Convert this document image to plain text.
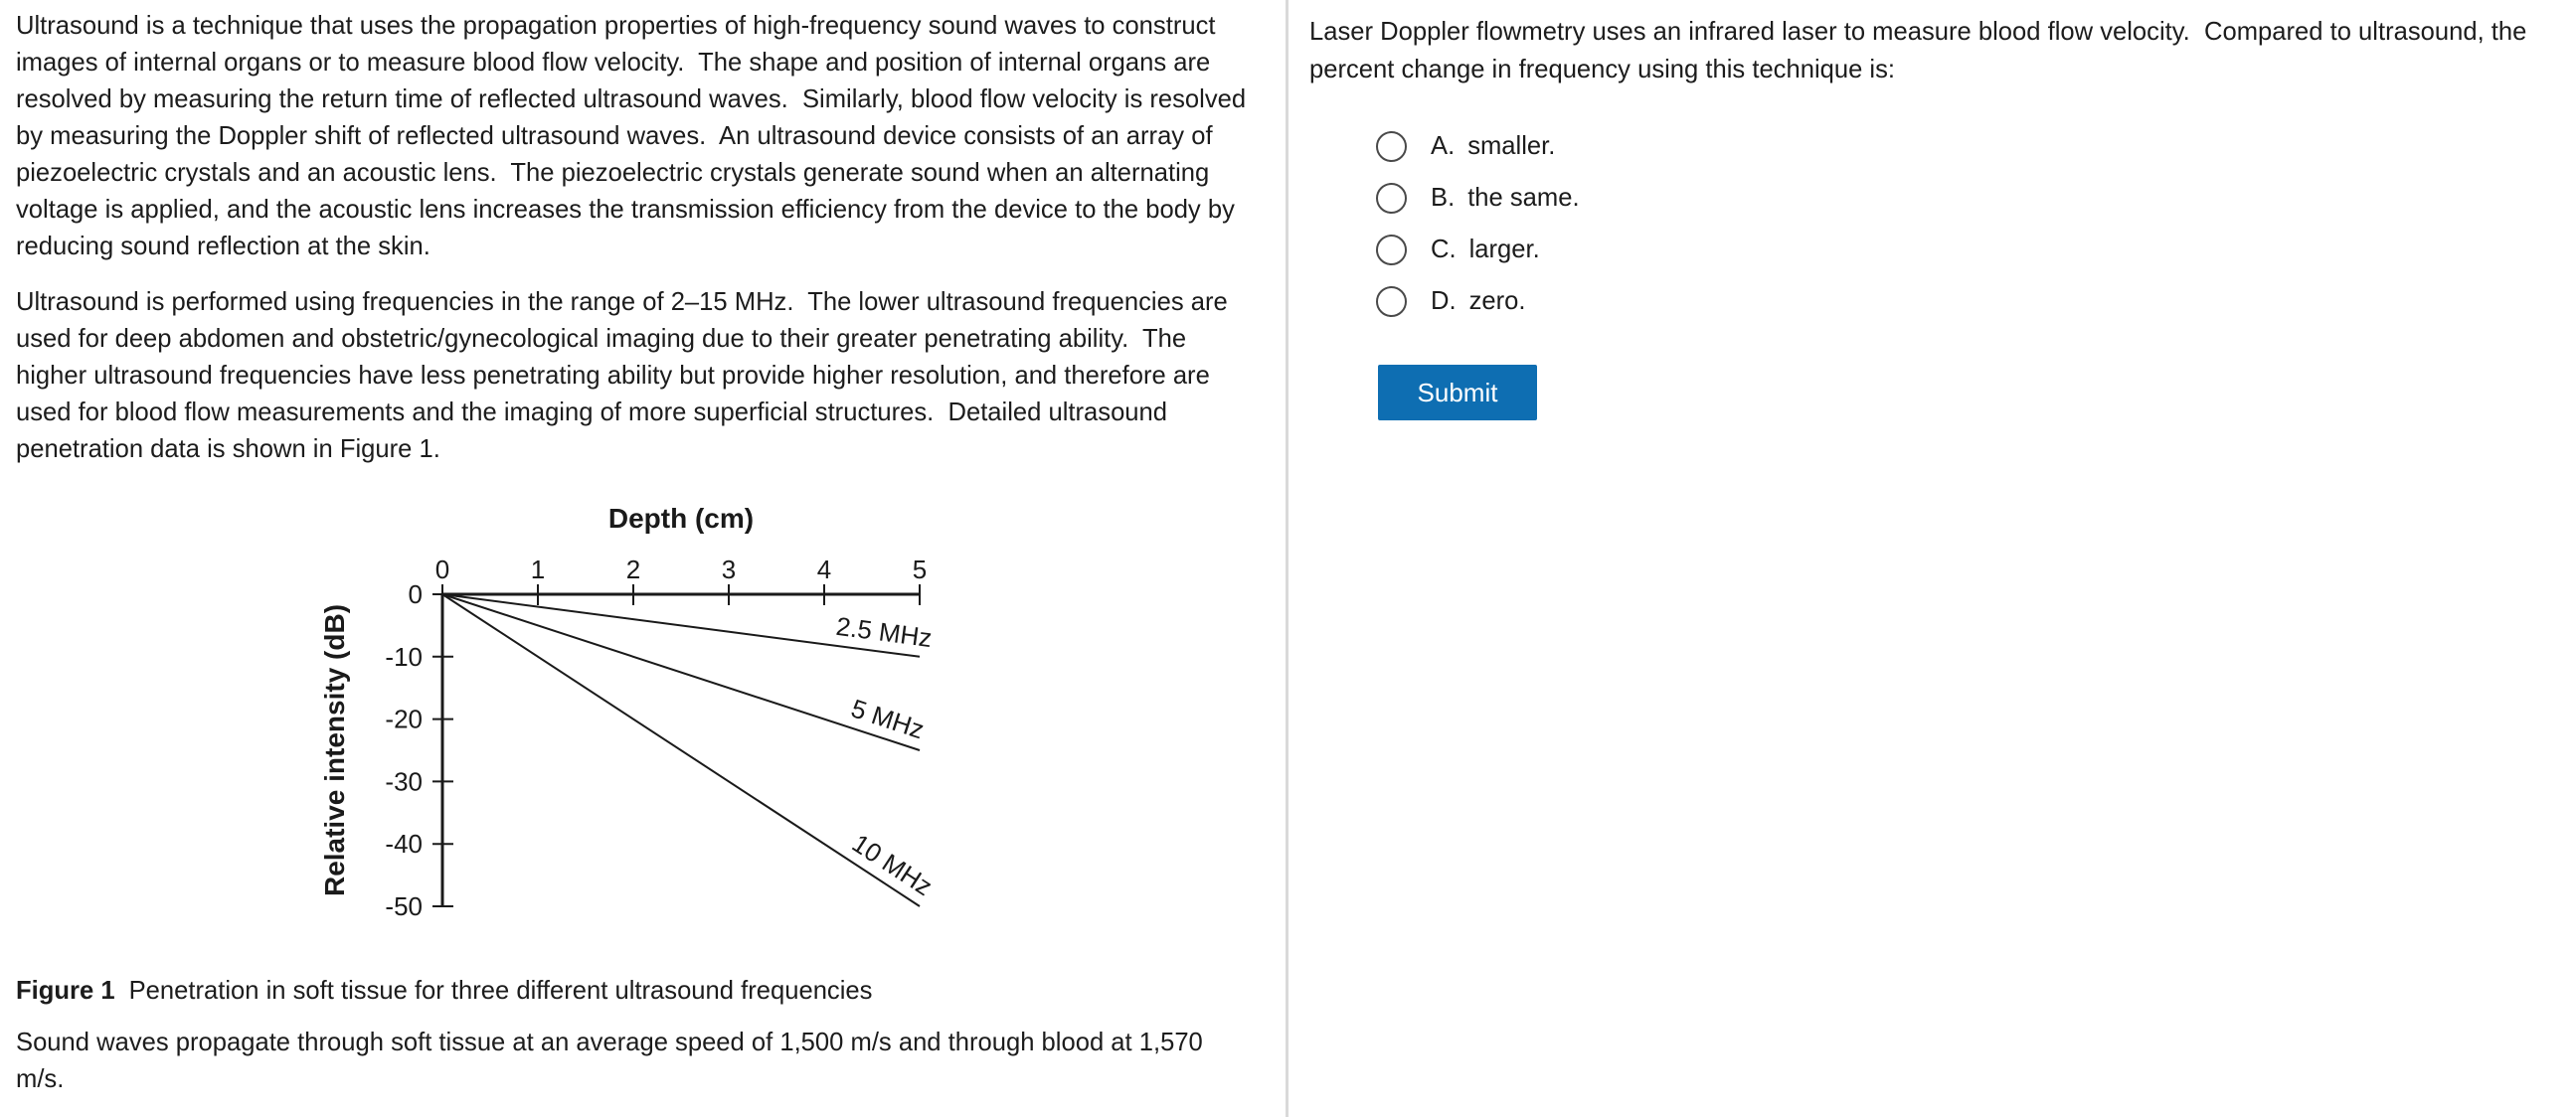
Ultrasound is a technique that uses the propagation properties of high-frequency sound waves to construct images of internal organs or to measure blood flow velocity.  The shape and position of internal organs are resolved by measuring the return time of reflected ultrasound waves.  Similarly, blood flow velocity is resolved by measuring the Doppler shift of reflected ultrasound waves.  An ultrasound device consists of an array of piezoelectric crystals and an acoustic lens.  The piezoelectric crystals generate sound when an alternating voltage is applied, and the acoustic lens increases the transmission efficiency from the device to the body by reducing sound reflection at the skin.

Ultrasound is performed using frequencies in the range of 2–15 MHz.  The lower ultrasound frequencies are used for deep abdomen and obstetric/gynecological imaging due to their greater penetrating ability.  The higher ultrasound frequencies have less penetrating ability but provide higher resolution, and therefore are used for blood flow measurements and the imaging of more superficial structures.  Detailed ultrasound penetration data is shown in Figure 1.

0	1	2	3	4	5
0
-10
-20
-30
-40
-50
Depth (cm)
Relative intensity (dB)	2.5 MHz
5 MHz
10 MHz
Figure 1 Penetration in soft tissue for three different ultrasound frequencies

Sound waves propagate through soft tissue at an average speed of 1,500 m/s and through blood at 1,570 m/s.

Laser Doppler flowmetry uses an infrared laser to measure blood flow velocity.  Compared to ultrasound, the percent change in frequency using this technique is:
A. smaller.
B. the same.
C. larger.
D. zero.
Submit
